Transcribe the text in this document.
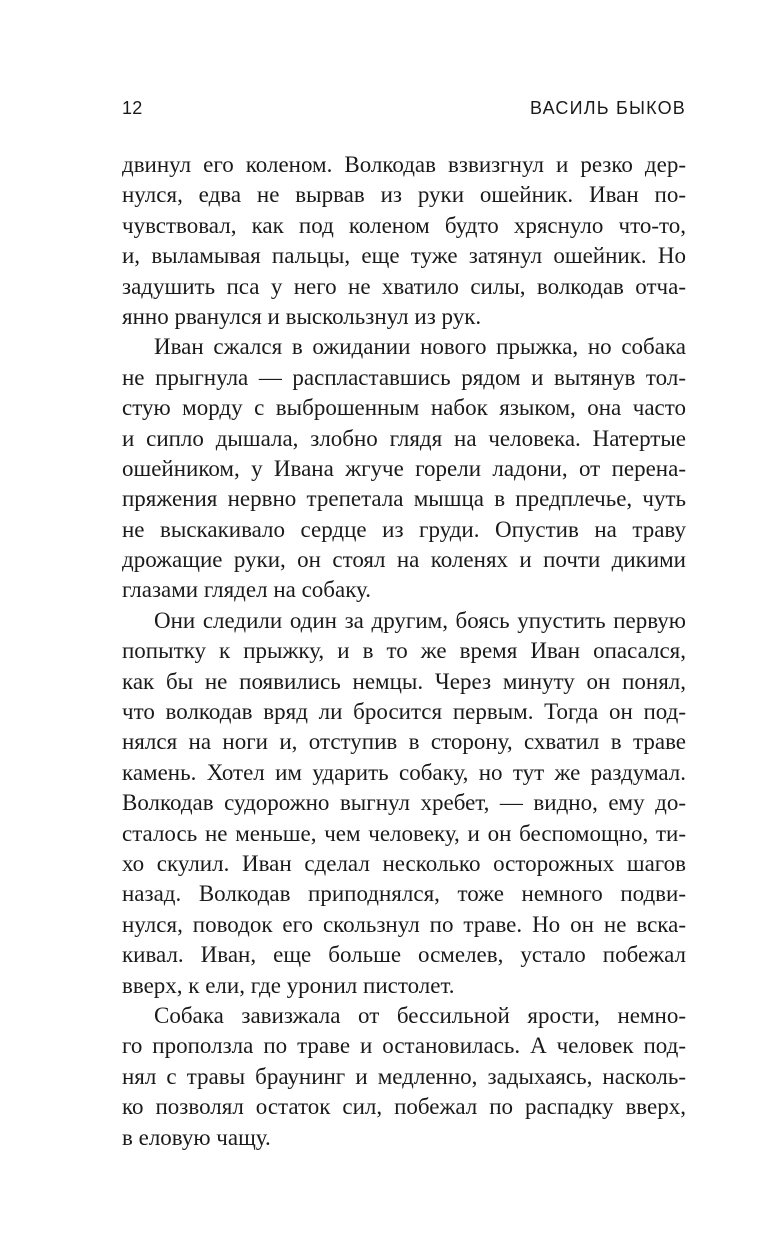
12	ВАСИЛЬ БЫКОВ
двинул его коленом. Волкодав взвизгнул и резко дер-
нулся, едва не вырвав из руки ошейник. Иван по-
чувствовал, как под коленом будто хряснуло что-то,
и, выламывая пальцы, еще туже затянул ошейник. Но
задушить пса у него не хватило силы, волкодав отча-
янно рванулся и выскользнул из рук.
Иван сжался в ожидании нового прыжка, но собака
не прыгнула — распластавшись рядом и вытянув тол-
стую морду с выброшенным набок языком, она часто
и сипло дышала, злобно глядя на человека. Натертые
ошейником, у Ивана жгуче горели ладони, от перена-
пряжения нервно трепетала мышца в предплечье, чуть
не выскакивало сердце из груди. Опустив на траву
дрожащие руки, он стоял на коленях и почти дикими
глазами глядел на собаку.
Они следили один за другим, боясь упустить первую
попытку к прыжку, и в то же время Иван опасался,
как бы не появились немцы. Через минуту он понял,
что волкодав вряд ли бросится первым. Тогда он под-
нялся на ноги и, отступив в сторону, схватил в траве
камень. Хотел им ударить собаку, но тут же раздумал.
Волкодав судорожно выгнул хребет, — видно, ему до-
сталось не меньше, чем человеку, и он беспомощно, ти-
хо скулил. Иван сделал несколько осторожных шагов
назад. Волкодав приподнялся, тоже немного подви-
нулся, поводок его скользнул по траве. Но он не вска-
кивал. Иван, еще больше осмелев, устало побежал
вверх, к ели, где уронил пистолет.
Собака завизжала от бессильной ярости, немно-
го проползла по траве и остановилась. А человек под-
нял с травы браунинг и медленно, задыхаясь, насколь-
ко позволял остаток сил, побежал по распадку вверх,
в еловую чащу.
